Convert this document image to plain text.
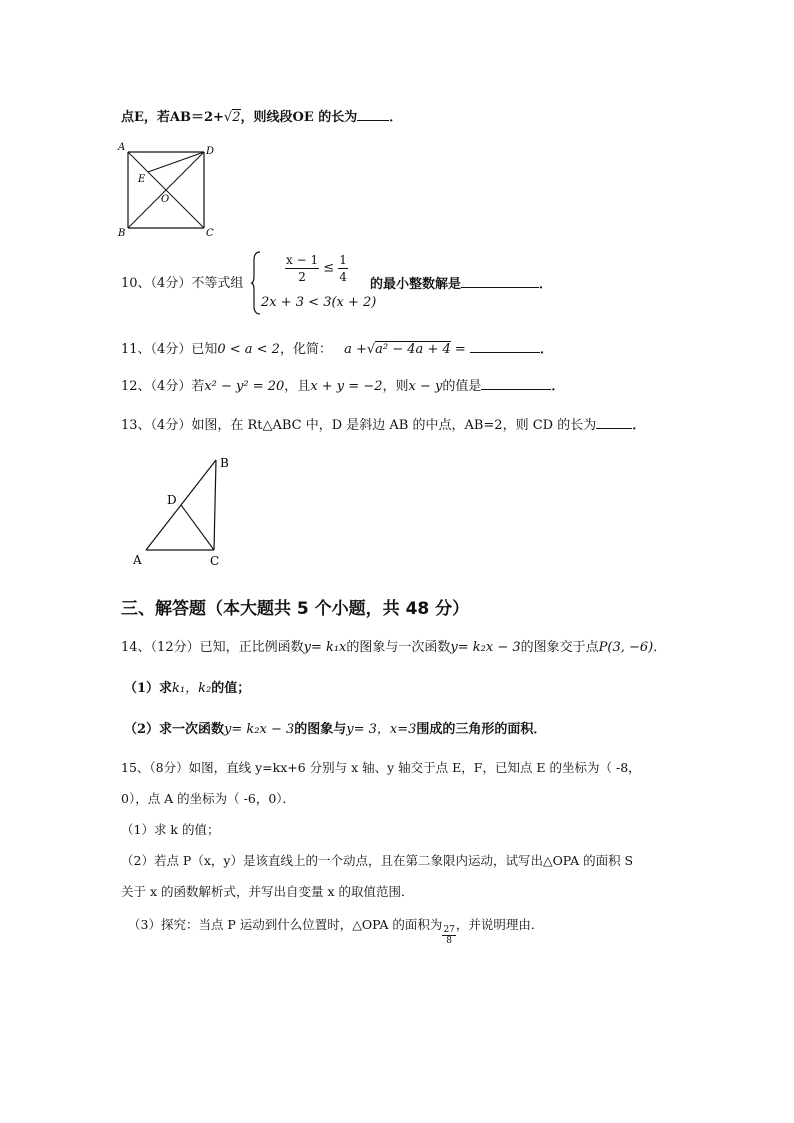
点E，若AB＝2+√2，则线段OE 的长为 ．
A	D
E
O
B	C
10、（4分）不等式组	$\frac{x - 1}{2} \le \frac{1}{4}$
2x + 3 < 3(x + 2)
的最小整数解是	．
11、（4分）已知0 < a < 2，化简： a +√a² − 4a + 4 =	．
12、（4分）若x² − y² = 20，且x + y = −2，则x − y的值是	．
13、（4分）如图，在 Rt△ABC 中，D 是斜边 AB 的中点，AB=2，则 CD 的长为	．
B
D
A	C
三、解答题（本大题共 5 个小题，共 48 分）
14、（12分）已知，正比例函数y= k₁x的图象与一次函数y= k₂x − 3的图象交于点P(3, −6)．
（1）求k₁，k₂的值；
（2）求一次函数y= k₂x − 3的图象与y= 3，x=3围成的三角形的面积．
15、（8分）如图，直线 y=kx+6 分别与 x 轴、y 轴交于点 E，F，已知点 E 的坐标为（ -8，
0），点 A 的坐标为（ -6，0）．
（1）求 k 的值；
（2）若点 P（x，y）是该直线上的一个动点，且在第二象限内运动，试写出△OPA 的面积 S
关于 x 的函数解析式，并写出自变量 x 的取值范围．
（3）探究：当点 P 运动到什么位置时，△OPA 的面积为
$\frac{27}{8}$
，并说明理由．
